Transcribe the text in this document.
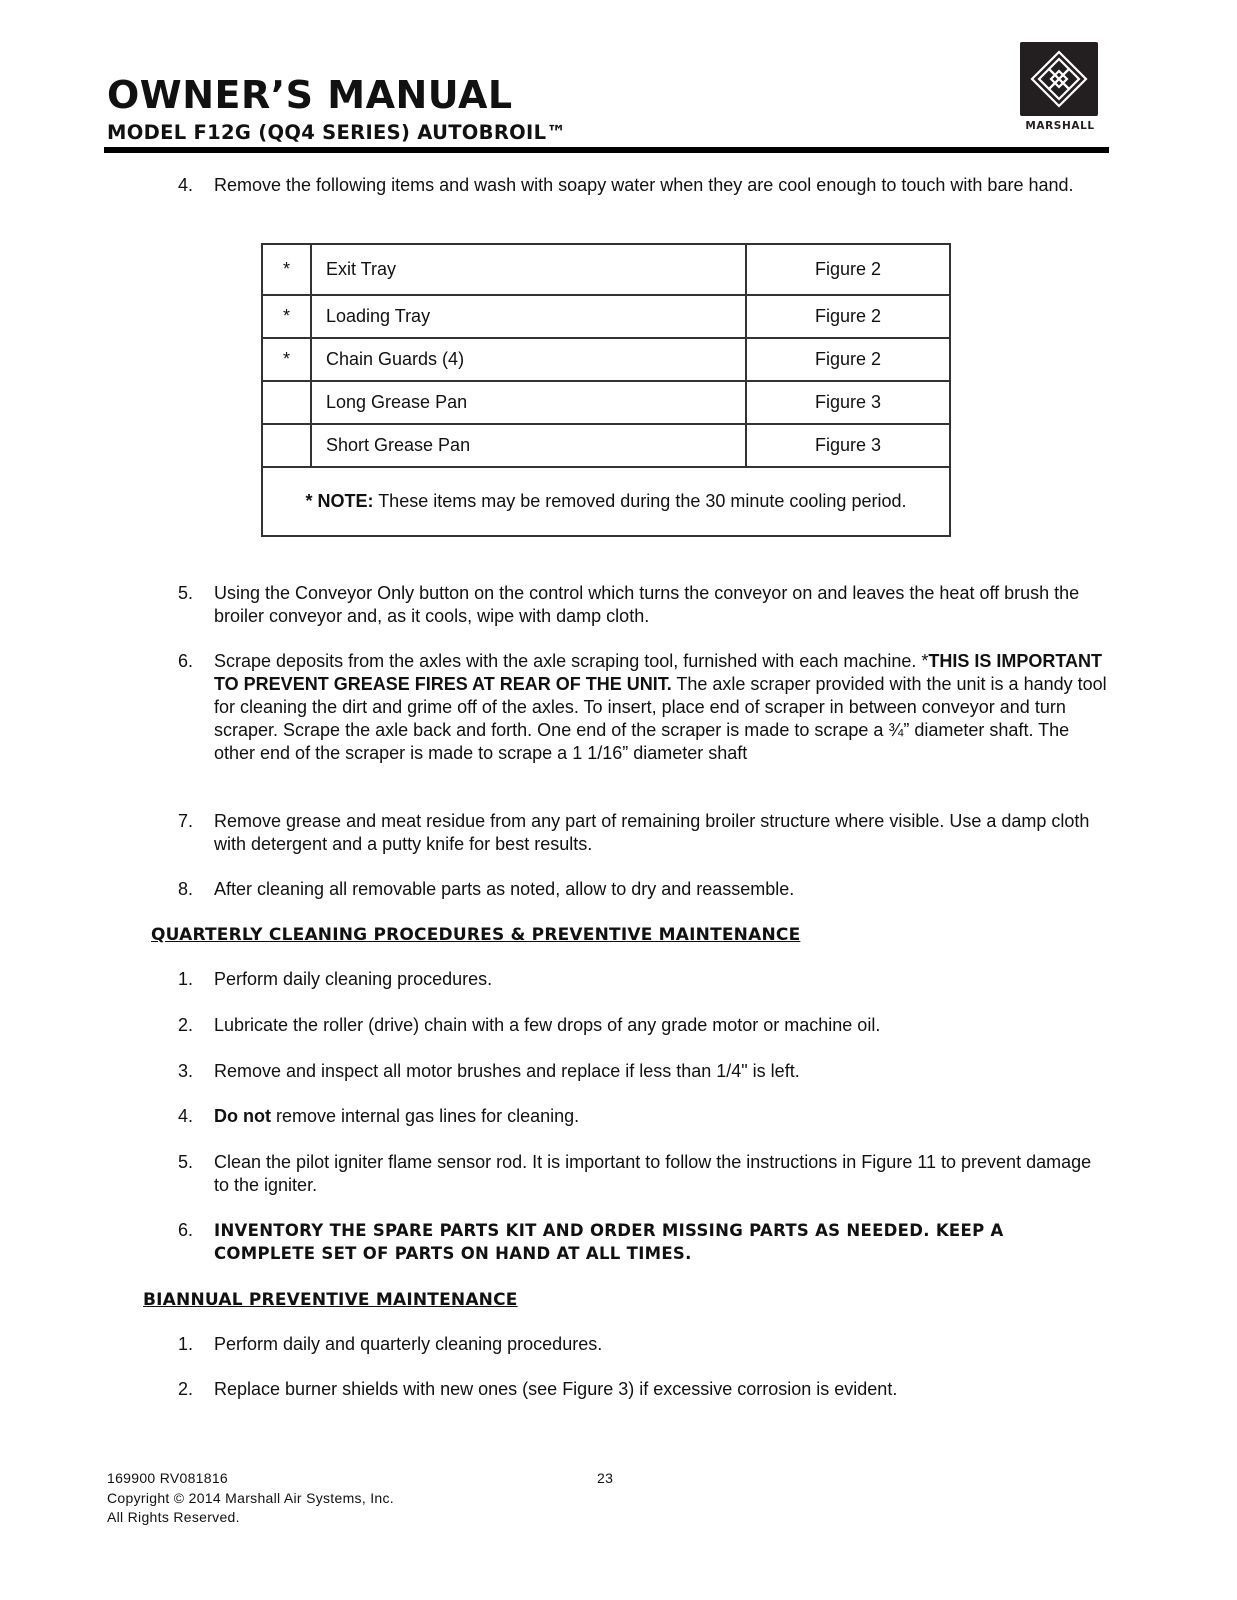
OWNER’S MANUAL
MODEL F12G (QQ4 SERIES) AUTOBROIL™	MARSHALL
4.	Remove the following items and wash with soapy water when they are cool enough to touch with bare hand.
*	Exit Tray	Figure 2
*	Loading Tray	Figure 2
*	Chain Guards (4)	Figure 2
	Long Grease Pan	Figure 3
	Short Grease Pan	Figure 3
* NOTE: These items may be removed during the 30 minute cooling period.		
5.	Using the Conveyor Only button on the control which turns the conveyor on and leaves the heat off brush the broiler conveyor and, as it cools, wipe with damp cloth.
6.	Scrape deposits from the axles with the axle scraping tool, furnished with each machine. *THIS IS IMPORTANT TO PREVENT GREASE FIRES AT REAR OF THE UNIT. The axle scraper provided with the unit is a handy tool for cleaning the dirt and grime off of the axles. To insert, place end of scraper in between conveyor and turn scraper. Scrape the axle back and forth. One end of the scraper is made to scrape a ¾” diameter shaft. The other end of the scraper is made to scrape a 1 1/16” diameter shaft
7.	Remove grease and meat residue from any part of remaining broiler structure where visible. Use a damp cloth with detergent and a putty knife for best results.
8.	After cleaning all removable parts as noted, allow to dry and reassemble.
QUARTERLY CLEANING PROCEDURES & PREVENTIVE MAINTENANCE
1.	Perform daily cleaning procedures.
2.	Lubricate the roller (drive) chain with a few drops of any grade motor or machine oil.
3.	Remove and inspect all motor brushes and replace if less than 1/4" is left.
4.	Do not remove internal gas lines for cleaning.
5.	Clean the pilot igniter flame sensor rod. It is important to follow the instructions in Figure 11 to prevent damage to the igniter.
6.	INVENTORY THE SPARE PARTS KIT AND ORDER MISSING PARTS AS NEEDED. KEEP A COMPLETE SET OF PARTS ON HAND AT ALL TIMES.
BIANNUAL PREVENTIVE MAINTENANCE
1.	Perform daily and quarterly cleaning procedures.
2.	Replace burner shields with new ones (see Figure 3) if excessive corrosion is evident.
169900 RV081816	23
Copyright © 2014 Marshall Air Systems, Inc.
All Rights Reserved.
